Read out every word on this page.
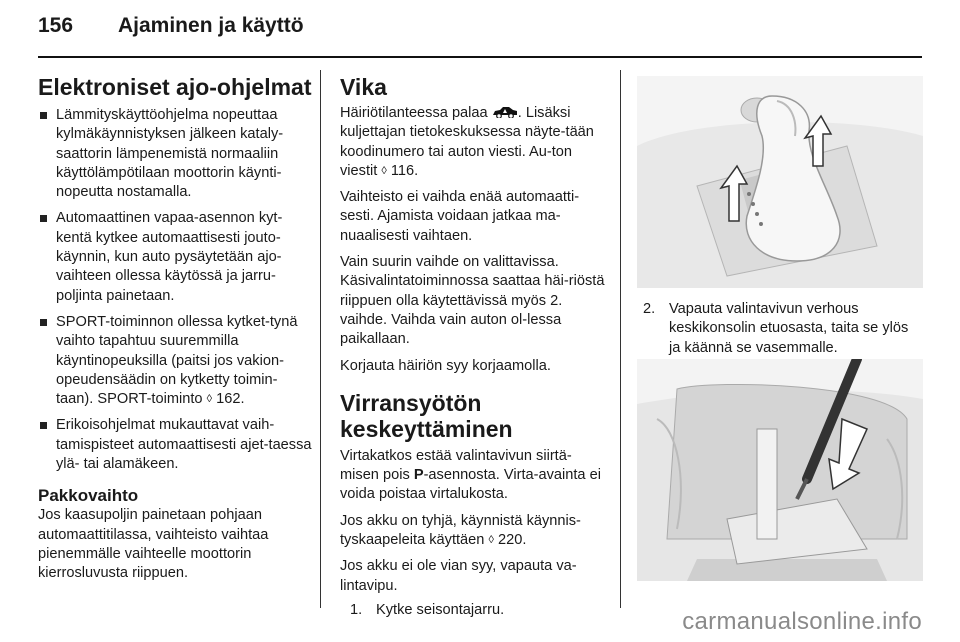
156 Ajaminen ja käyttö
Elektroniset ajo-ohjelmat
Lämmityskäyttöohjelma nopeuttaa kylmäkäynnistyksen jälkeen kataly-saattorin lämpenemistä normaaliin käyttölämpötilaan moottorin käynti-nopeutta nostamalla.
Automaattinen vapaa-asennon kyt-kentä kytkee automaattisesti jouto-käynnin, kun auto pysäytetään ajo-vaihteen ollessa käytössä ja jarru-poljinta painetaan.
SPORT-toiminnon ollessa kytket-tynä vaihto tapahtuu suuremmilla käyntinopeuksilla (paitsi jos vakion-opeudensäädin on kytketty toimin-taan). SPORT-toiminto ◊ 162.
Erikoisohjelmat mukauttavat vaih-tamispisteet automaattisesti ajet-taessa ylä- tai alamäkeen.
Pakkovaihto
Jos kaasupoljin painetaan pohjaan automaattitilassa, vaihteisto vaihtaa pienemmälle vaihteelle moottorin kierrosluvusta riippuen.
Vika

Häiriötilanteessa palaa . Lisäksi kuljettajan tietokeskuksessa näyte-tään koodinumero tai auton viesti. Au-ton viestit ◊ 116.

Vaihteisto ei vaihda enää automaatti-sesti. Ajamista voidaan jatkaa ma-nuaalisesti vaihtaen.

Vain suurin vaihde on valittavissa. Käsivalintatoiminnossa saattaa häi-riöstä riippuen olla käytettävissä myös 2. vaihde. Vaihda vain auton ol-lessa paikallaan.

Korjauta häiriön syy korjaamolla.

Virransyötön keskeyttäminen

Virtakatkos estää valintavivun siirtä-misen pois P-asennosta. Virta-avainta ei voida poistaa virtalukosta.

Jos akku on tyhjä, käynnistä käynnis-tyskaapeleita käyttäen ◊ 220.

Jos akku ei ole vian syy, vapauta va-lintavipu.

1. Kytke seisontajarru.
2. Vapauta valintavivun verhous keskikonsolin etuosasta, taita se ylös ja käännä se vasemmalle.
carmanualsonline.info
